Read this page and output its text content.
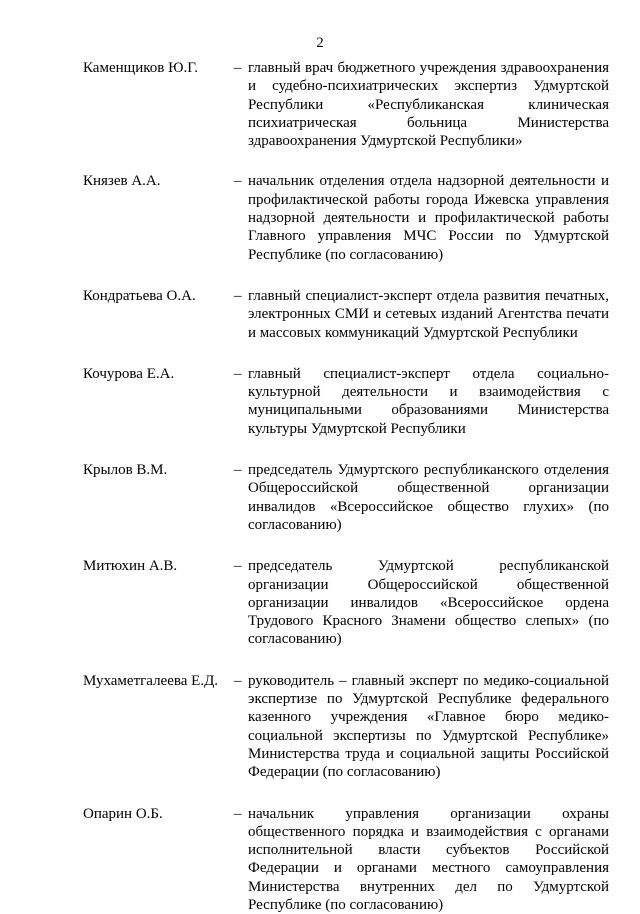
2
Каменщиков Ю.Г. – главный врач бюджетного учреждения здравоохранения и судебно-психиатрических экспертиз Удмуртской Республики «Республиканская клиническая психиатрическая больница Министерства здравоохранения Удмуртской Республики»
Князев А.А.	– начальник отделения отдела надзорной деятельности и профилактической работы города Ижевска управления надзорной деятельности и профилактической работы Главного управления МЧС России по Удмуртской Республике (по согласованию)
Кондратьева О.А.	– главный специалист-эксперт отдела развития печатных, электронных СМИ и сетевых изданий Агентства печати и массовых коммуникаций Удмуртской Республики
Кочурова Е.А.	– главный специалист-эксперт отдела социально-культурной деятельности и взаимодействия с муниципальными образованиями Министерства культуры Удмуртской Республики
Крылов В.М.	– председатель Удмуртского республиканского отделения Общероссийской общественной организации инвалидов «Всероссийское общество глухих» (по согласованию)
Митюхин А.В.	– председатель Удмуртской республиканской организации Общероссийской общественной организации инвалидов «Всероссийское ордена Трудового Красного Знамени общество слепых» (по согласованию)
Мухаметгалеева Е.Д. – руководитель – главный эксперт по медико-социальной экспертизе по Удмуртской Республике федерального казенного учреждения «Главное бюро медико-социальной экспертизы по Удмуртской Республике» Министерства труда и социальной защиты Российской Федерации (по согласованию)
Опарин О.Б.	– начальник управления организации охраны общественного порядка и взаимодействия с органами исполнительной власти субъектов Российской Федерации и органами местного самоуправления Министерства внутренних дел по Удмуртской Республике (по согласованию)
